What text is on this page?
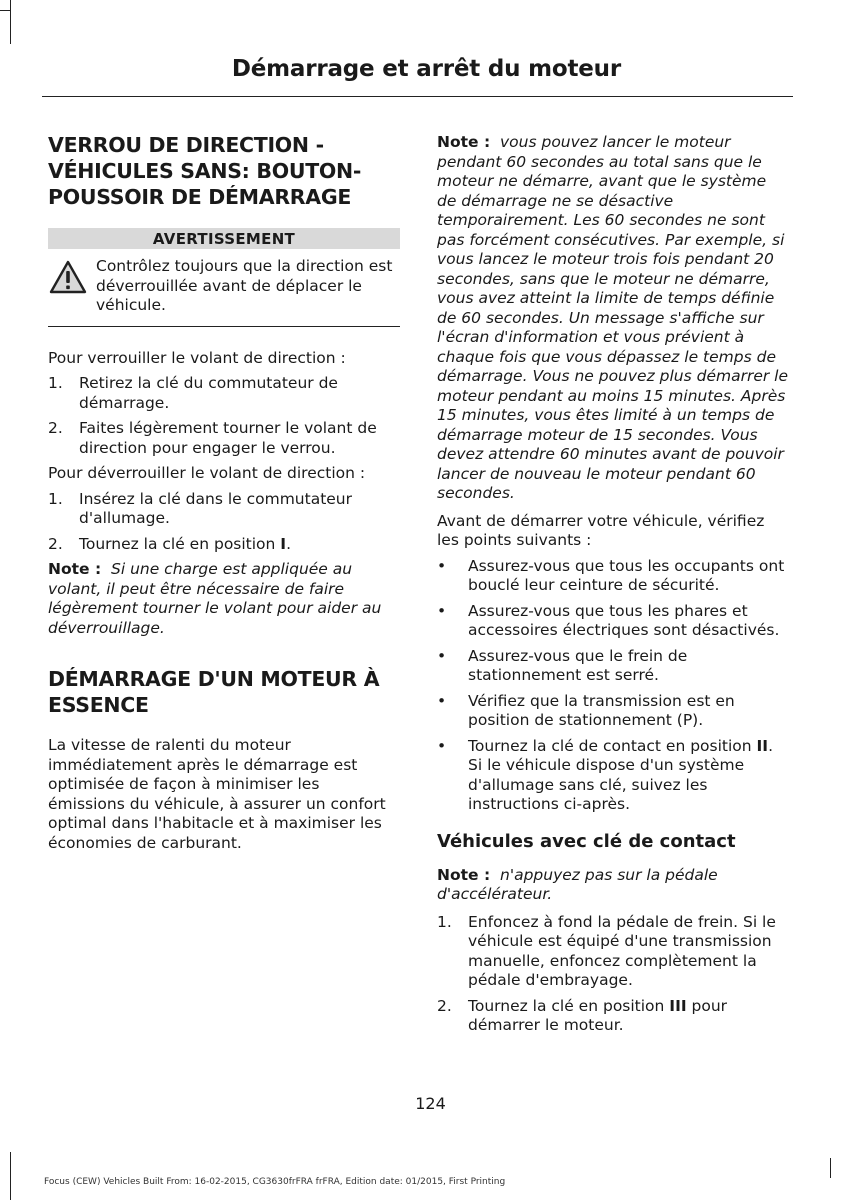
Démarrage et arrêt du moteur
VERROU DE DIRECTION - VÉHICULES SANS: BOUTON-POUSSOIR DE DÉMARRAGE
AVERTISSEMENT
Contrôlez toujours que la direction est déverrouillée avant de déplacer le véhicule.

Pour verrouiller le volant de direction :

1.	Retirez la clé du commutateur de démarrage.
2.	Faites légèrement tourner le volant de direction pour engager le verrou.

Pour déverrouiller le volant de direction :

1.	Insérez la clé dans le commutateur d'allumage.
2.	Tournez la clé en position I.

Note : Si une charge est appliquée au volant, il peut être nécessaire de faire légèrement tourner le volant pour aider au déverrouillage.

DÉMARRAGE D'UN MOTEUR À ESSENCE

La vitesse de ralenti du moteur immédiatement après le démarrage est optimisée de façon à minimiser les émissions du véhicule, à assurer un confort optimal dans l'habitacle et à maximiser les économies de carburant.

Note : vous pouvez lancer le moteur pendant 60 secondes au total sans que le moteur ne démarre, avant que le système de démarrage ne se désactive temporairement. Les 60 secondes ne sont pas forcément consécutives. Par exemple, si vous lancez le moteur trois fois pendant 20 secondes, sans que le moteur ne démarre, vous avez atteint la limite de temps définie de 60 secondes. Un message s'affiche sur l'écran d'information et vous prévient à chaque fois que vous dépassez le temps de démarrage. Vous ne pouvez plus démarrer le moteur pendant au moins 15 minutes. Après 15 minutes, vous êtes limité à un temps de démarrage moteur de 15 secondes. Vous devez attendre 60 minutes avant de pouvoir lancer de nouveau le moteur pendant 60 secondes.

Avant de démarrer votre véhicule, vérifiez les points suivants :

•	Assurez-vous que tous les occupants ont bouclé leur ceinture de sécurité.
•	Assurez-vous que tous les phares et accessoires électriques sont désactivés.
•	Assurez-vous que le frein de stationnement est serré.
•	Vérifiez que la transmission est en position de stationnement (P).
•	Tournez la clé de contact en position II. Si le véhicule dispose d'un système d'allumage sans clé, suivez les instructions ci-après.
Véhicules avec clé de contact

Note : n'appuyez pas sur la pédale d'accélérateur.

1.	Enfoncez à fond la pédale de frein. Si le véhicule est équipé d'une transmission manuelle, enfoncez complètement la pédale d'embrayage.
2.	Tournez la clé en position III pour démarrer le moteur.
124
Focus (CEW) Vehicles Built From: 16-02-2015, CG3630frFRA frFRA, Edition date: 01/2015, First Printing
